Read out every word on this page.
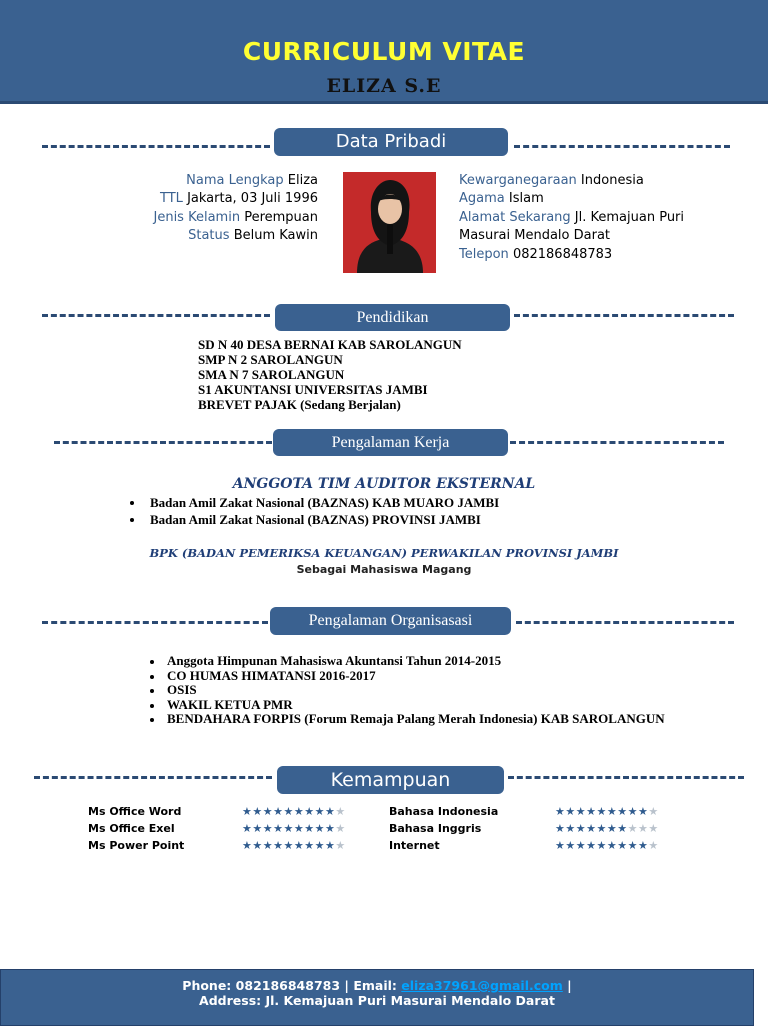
CURRICULUM VITAE
ELIZA S.E
Data Pribadi
Nama Lengkap Eliza
TTL Jakarta, 03 Juli 1996
Jenis Kelamin Perempuan
Status Belum Kawin
Kewarganegaraan Indonesia
Agama Islam
Alamat Sekarang Jl. Kemajuan Puri
Masurai Mendalo Darat
Telepon 082186848783
Pendidikan
SD N 40 DESA BERNAI KAB SAROLANGUN
SMP N 2 SAROLANGUN
SMA N 7 SAROLANGUN
S1 AKUNTANSI UNIVERSITAS JAMBI
BREVET PAJAK (Sedang Berjalan)
Pengalaman Kerja
ANGGOTA TIM AUDITOR EKSTERNAL
Badan Amil Zakat Nasional (BAZNAS) KAB MUARO JAMBI
Badan Amil Zakat Nasional (BAZNAS) PROVINSI JAMBI
BPK (BADAN PEMERIKSA KEUANGAN) PERWAKILAN PROVINSI JAMBI
Sebagai Mahasiswa Magang
Pengalaman Organisasasi
Anggota Himpunan Mahasiswa Akuntansi Tahun 2014-2015
CO HUMAS HIMATANSI 2016-2017
OSIS
WAKIL KETUA PMR
BENDAHARA FORPIS (Forum Remaja Palang Merah Indonesia) KAB SAROLANGUN
Kemampuan
Ms Office Word	★★★★★★★★★★
Ms Office Exel	★★★★★★★★★★
Ms Power Point	★★★★★★★★★★
Bahasa Indonesia	★★★★★★★★★★
Bahasa Inggris	★★★★★★★★★★
Internet	★★★★★★★★★★
Phone: 082186848783 | Email: eliza37961@gmail.com |
Address: Jl. Kemajuan Puri Masurai Mendalo Darat
